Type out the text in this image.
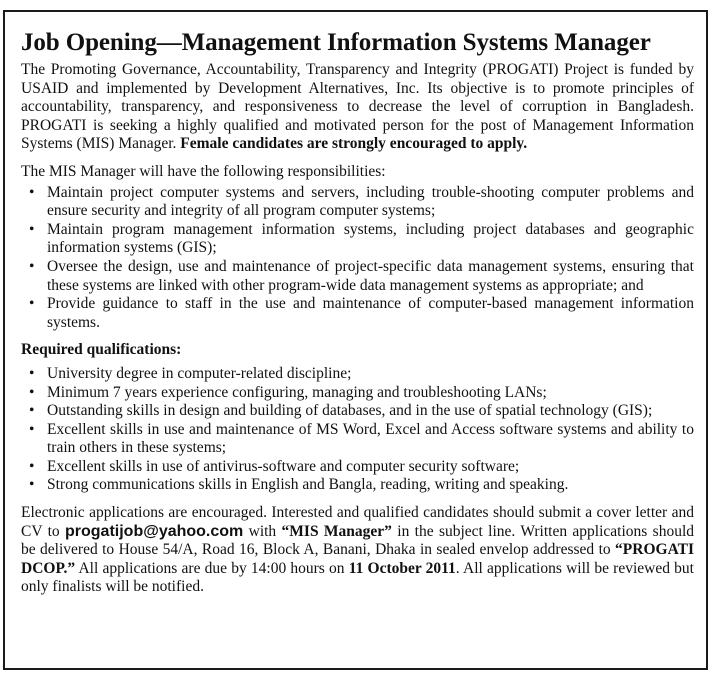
Job Opening—Management Information Systems Manager

The Promoting Governance, Accountability, Transparency and Integrity (PROGATI) Project is funded by USAID and implemented by Development Alternatives, Inc. Its objective is to promote principles of accountability, transparency, and responsiveness to decrease the level of corruption in Bangladesh. PROGATI is seeking a highly qualified and motivated person for the post of Management Information Systems (MIS) Manager. Female candidates are strongly encouraged to apply.

The MIS Manager will have the following responsibilities:

• Maintain project computer systems and servers, including trouble-shooting computer problems and ensure security and integrity of all program computer systems;
• Maintain program management information systems, including project databases and geographic information systems (GIS);
• Oversee the design, use and maintenance of project-specific data management systems, ensuring that these systems are linked with other program-wide data management systems as appropriate; and
• Provide guidance to staff in the use and maintenance of computer-based management information systems.

Required qualifications:

• University degree in computer-related discipline;
• Minimum 7 years experience configuring, managing and troubleshooting LANs;
• Outstanding skills in design and building of databases, and in the use of spatial technology (GIS);
• Excellent skills in use and maintenance of MS Word, Excel and Access software systems and ability to train others in these systems;
• Excellent skills in use of antivirus-software and computer security software;
• Strong communications skills in English and Bangla, reading, writing and speaking.

Electronic applications are encouraged. Interested and qualified candidates should submit a cover letter and CV to progatijob@yahoo.com with “MIS Manager” in the subject line. Written applications should be delivered to House 54/A, Road 16, Block A, Banani, Dhaka in sealed envelop addressed to “PROGATI DCOP.” All applications are due by 14:00 hours on 11 October 2011. All applications will be reviewed but only finalists will be notified.
